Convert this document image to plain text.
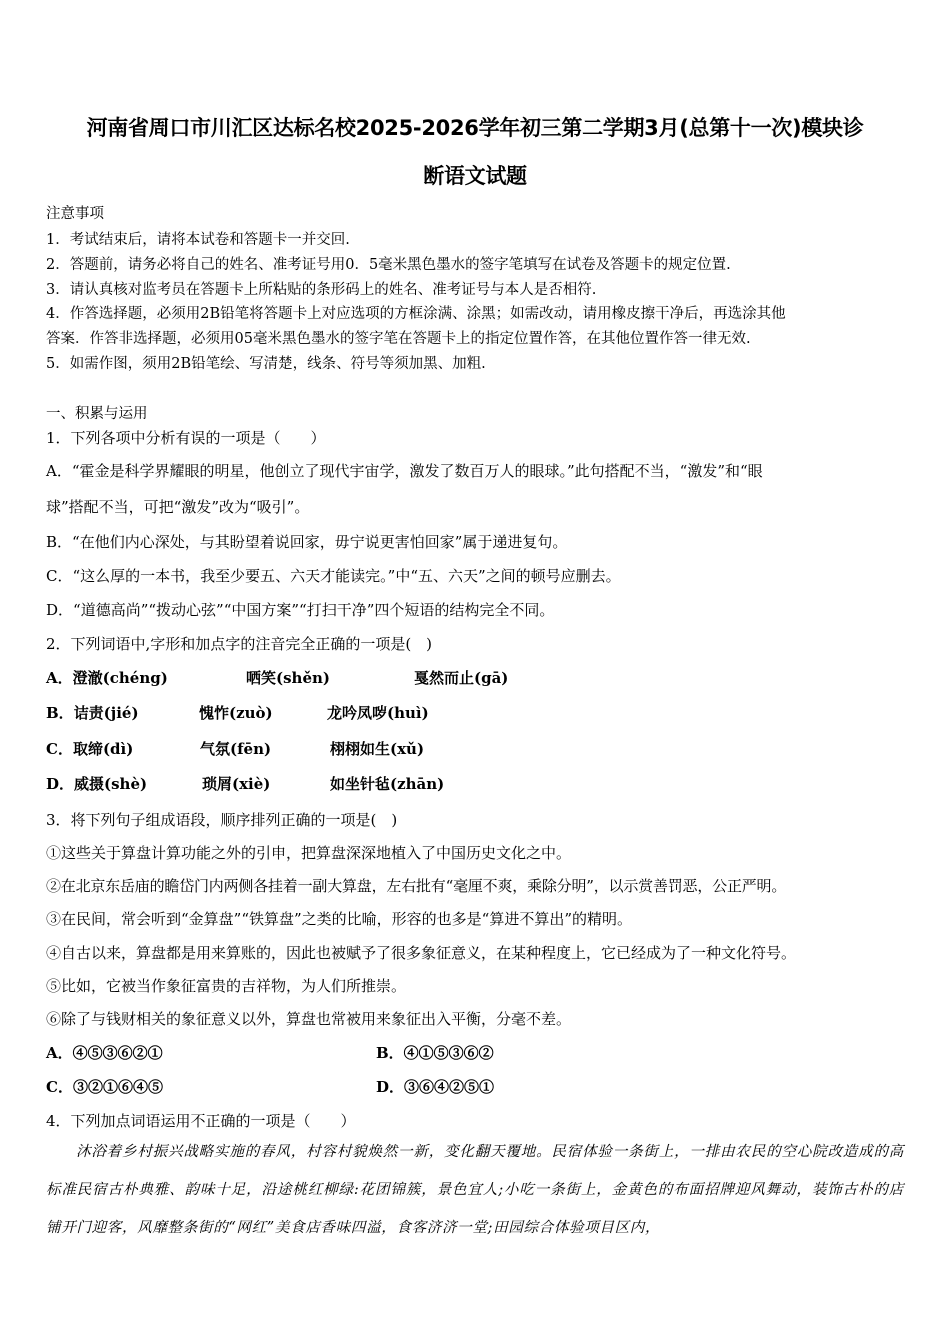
河南省周口市川汇区达标名校2025-2026学年初三第二学期3月(总第十一次)模块诊
断语文试题
注意事项
1．考试结束后，请将本试卷和答题卡一并交回.
2．答题前，请务必将自己的姓名、准考证号用0．5毫米黑色墨水的签字笔填写在试卷及答题卡的规定位置.
3．请认真核对监考员在答题卡上所粘贴的条形码上的姓名、准考证号与本人是否相符.
4．作答选择题，必须用2B铅笔将答题卡上对应选项的方框涂满、涂黑；如需改动，请用橡皮擦干净后，再选涂其他
答案．作答非选择题，必须用05毫米黑色墨水的签字笔在答题卡上的指定位置作答，在其他位置作答一律无效.
5．如需作图，须用2B铅笔绘、写清楚，线条、符号等须加黑、加粗.
一、积累与运用
1．下列各项中分析有误的一项是（　　）
A．“霍金是科学界耀眼的明星，他创立了现代宇宙学，激发了数百万人的眼球。”此句搭配不当，“激发”和“眼
球”搭配不当，可把“激发”改为“吸引”。
B．“在他们内心深处，与其盼望着说回家，毋宁说更害怕回家”属于递进复句。
C．“这么厚的一本书，我至少要五、六天才能读完。”中“五、六天”之间的顿号应删去。
D．“道德高尚”“拨动心弦”“中国方案”“打扫干净”四个短语的结构完全不同。
2．下列词语中,字形和加点字的注音完全正确的一项是(　)
A．澄澈(chéng)	哂笑(shěn)	戛然而止(gā)
B．诘责(jié)	愧怍(zuò)	龙吟凤哕(huì)
C．取缔(dì)	气氛(fēn)	栩栩如生(xǔ)
D．威摄(shè)	琐屑(xiè)	如坐针毡(zhān)
3．将下列句子组成语段，顺序排列正确的一项是(　)
①这些关于算盘计算功能之外的引申，把算盘深深地植入了中国历史文化之中。
②在北京东岳庙的瞻岱门内两侧各挂着一副大算盘，左右批有“毫厘不爽，乘除分明”，以示赏善罚恶，公正严明。
③在民间，常会听到“金算盘”“铁算盘”之类的比喻，形容的也多是“算进不算出”的精明。
④自古以来，算盘都是用来算账的，因此也被赋予了很多象征意义，在某种程度上，它已经成为了一种文化符号。
⑤比如，它被当作象征富贵的吉祥物，为人们所推崇。
⑥除了与钱财相关的象征意义以外，算盘也常被用来象征出入平衡，分毫不差。
A．④⑤③⑥②①	B．④①⑤③⑥②
C．③②①⑥④⑤	D．③⑥④②⑤①
4．下列加点词语运用不正确的一项是（　　）
沐浴着乡村振兴战略实施的春风，村容村貌焕然一新，变化翻天覆地。民宿体验一条街上，一排由农民的空心院改造成的高标准民宿古朴典雅、韵味十足，沿途桃红柳绿:花团锦簇，景色宜人;小吃一条街上，金黄色的布面招牌迎风舞动，装饰古朴的店铺开门迎客，风靡整条街的“网红”美食店香味四溢，食客济济一堂;田园综合体验项目区内，
